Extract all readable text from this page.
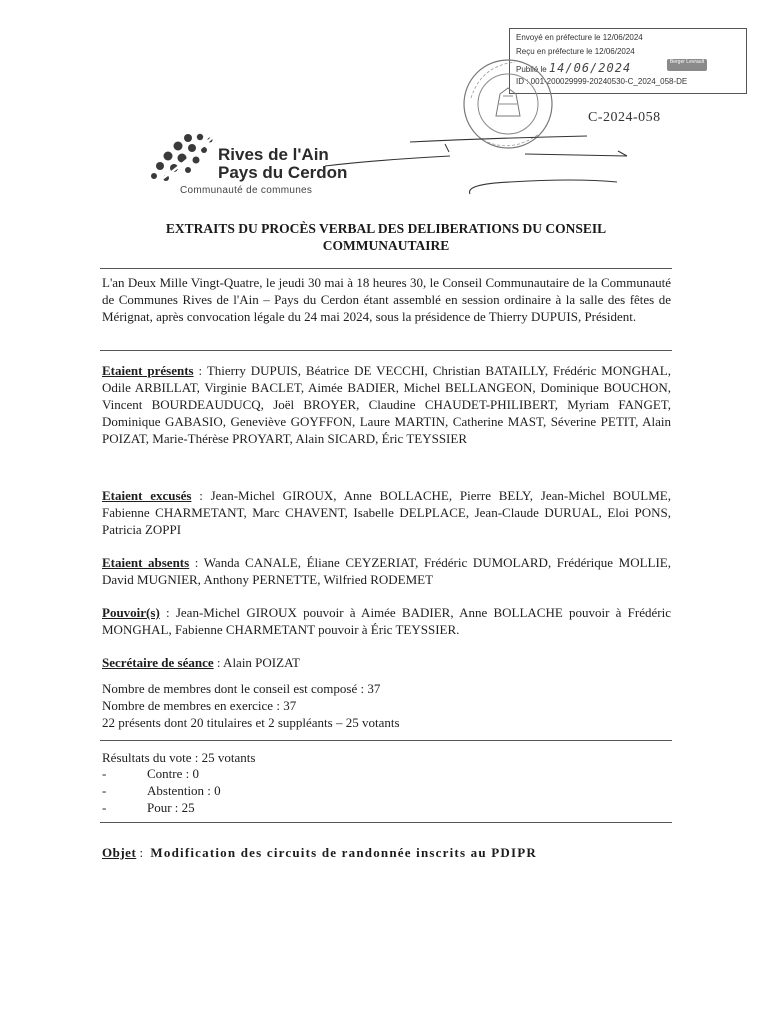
Envoyé en préfecture le 12/06/2024
Reçu en préfecture le 12/06/2024
Publié le 14/06/2024
ID : 001-200029999-20240530-C_2024_058-DE
Berger Levrault
C-2024-058
Rives de l'Ain
Pays du Cerdon
Communauté de communes
EXTRAITS DU PROCÈS VERBAL DES DELIBERATIONS DU CONSEIL
COMMUNAUTAIRE
L'an Deux Mille Vingt-Quatre, le jeudi 30 mai à 18 heures 30, le Conseil Communautaire de la Communauté de Communes Rives de l'Ain – Pays du Cerdon étant assemblé en session ordinaire à la salle des fêtes de Mérignat, après convocation légale du 24 mai 2024, sous la présidence de Thierry DUPUIS, Président.
Etaient présents : Thierry DUPUIS, Béatrice DE VECCHI, Christian BATAILLY, Frédéric MONGHAL, Odile ARBILLAT, Virginie BACLET, Aimée BADIER, Michel BELLANGEON, Dominique BOUCHON, Vincent BOURDEAUDUCQ, Joël BROYER, Claudine CHAUDET-PHILIBERT, Myriam FANGET, Dominique GABASIO, Geneviève GOYFFON, Laure MARTIN, Catherine MAST, Séverine PETIT, Alain POIZAT, Marie-Thérèse PROYART, Alain SICARD, Éric TEYSSIER
Etaient excusés : Jean-Michel GIROUX, Anne BOLLACHE, Pierre BELY, Jean-Michel BOULME, Fabienne CHARMETANT, Marc CHAVENT, Isabelle DELPLACE, Jean-Claude DURUAL, Eloi PONS, Patricia ZOPPI
Etaient absents : Wanda CANALE, Éliane CEYZERIAT, Frédéric DUMOLARD, Frédérique MOLLIE, David MUGNIER, Anthony PERNETTE, Wilfried RODEMET
Pouvoir(s) : Jean-Michel GIROUX pouvoir à Aimée BADIER, Anne BOLLACHE pouvoir à Frédéric MONGHAL, Fabienne CHARMETANT pouvoir à Éric TEYSSIER.
Secrétaire de séance : Alain POIZAT
Nombre de membres dont le conseil est composé : 37
Nombre de membres en exercice : 37
22 présents dont 20 titulaires et 2 suppléants – 25 votants
Résultats du vote : 25 votants
-	Contre : 0
-	Abstention : 0
-	Pour : 25
Objet : Modification des circuits de randonnée inscrits au PDIPR
